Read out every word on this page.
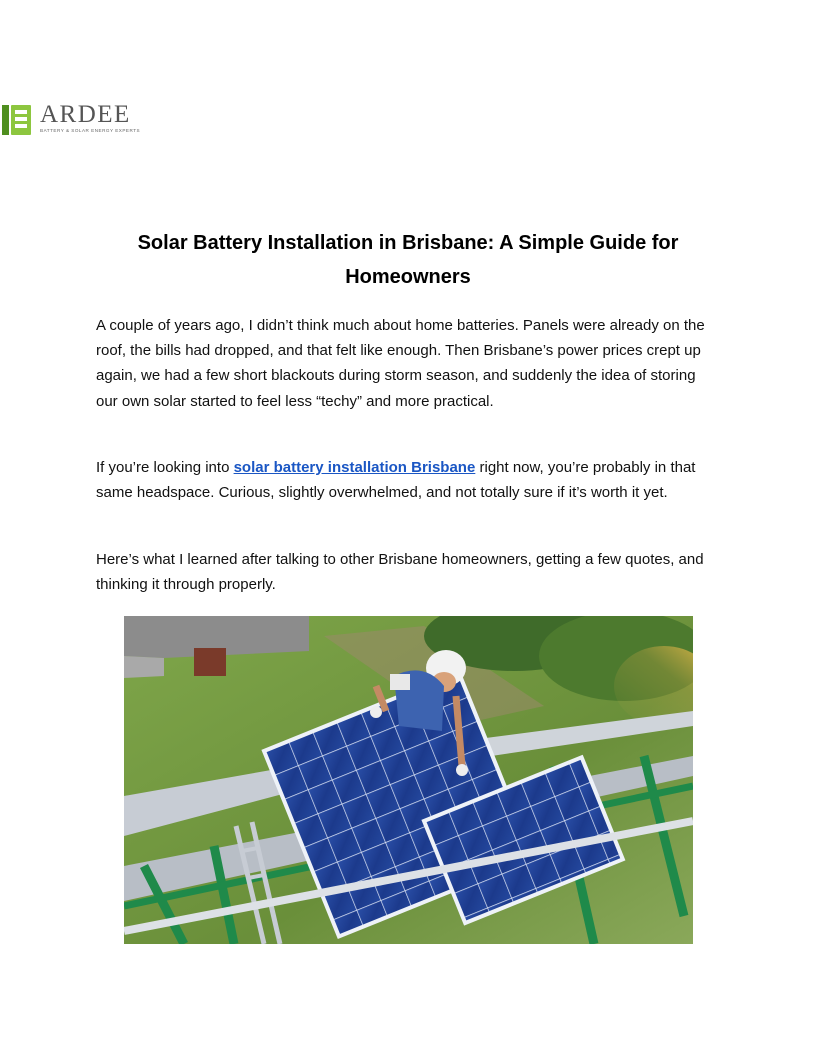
ARDEE
BATTERY & SOLAR ENERGY EXPERTS
Solar Battery Installation in Brisbane: A Simple Guide for Homeowners

A couple of years ago, I didn’t think much about home batteries. Panels were already on the roof, the bills had dropped, and that felt like enough. Then Brisbane’s power prices crept up again, we had a few short blackouts during storm season, and suddenly the idea of storing our own solar started to feel less “techy” and more practical.

If you’re looking into solar battery installation Brisbane right now, you’re probably in that same headspace. Curious, slightly overwhelmed, and not totally sure if it’s worth it yet.

Here’s what I learned after talking to other Brisbane homeowners, getting a few quotes, and thinking it through properly.
